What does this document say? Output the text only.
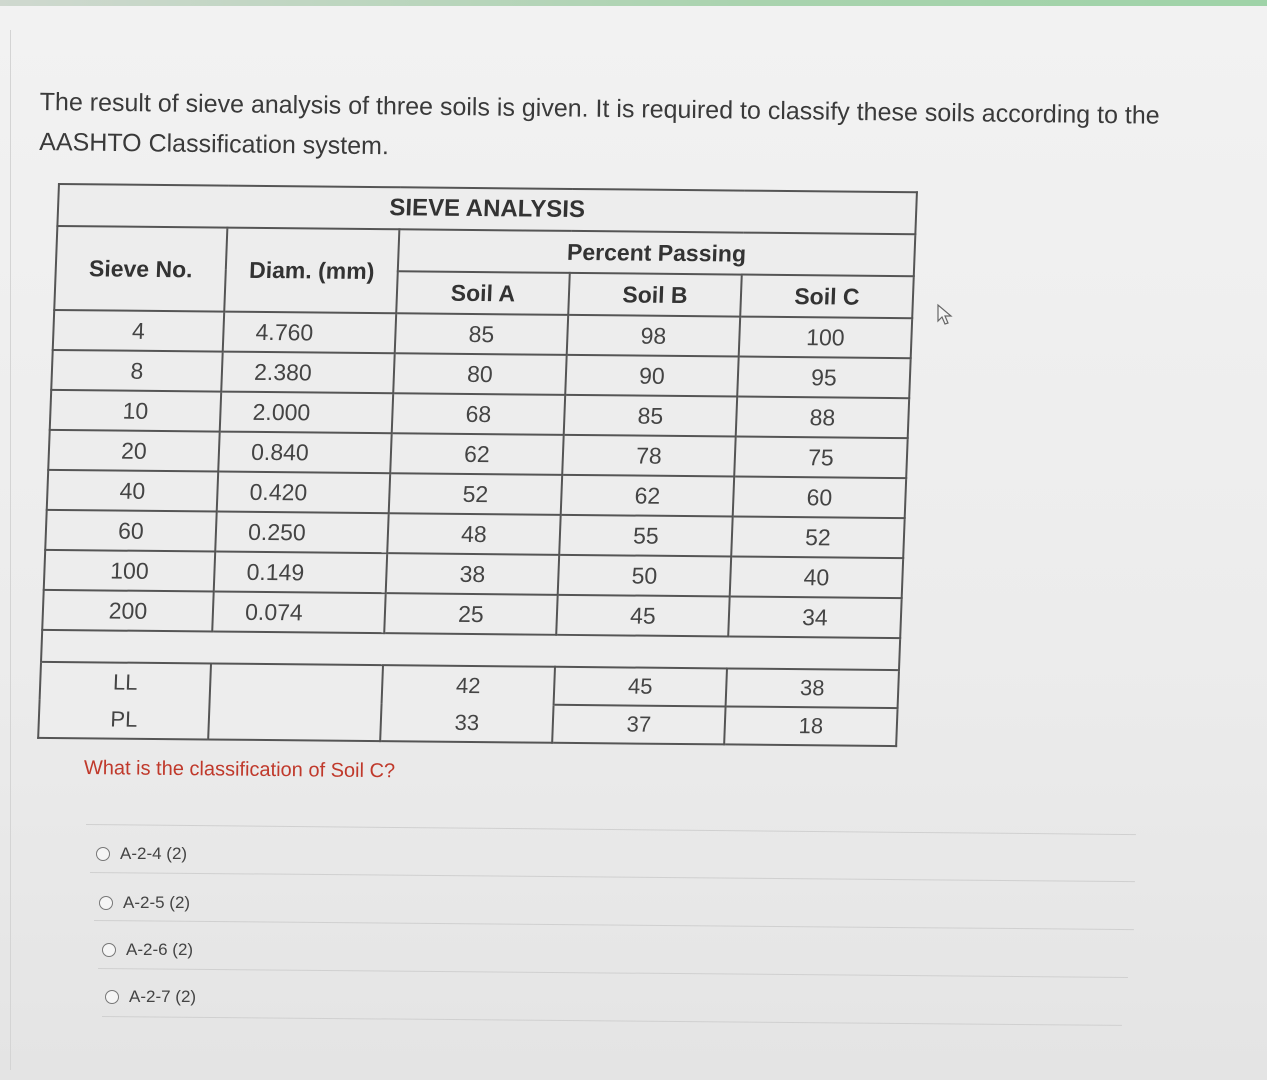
The result of sieve analysis of three soils is given. It is required to classify these soils according to the AASHTO Classification system.
SIEVE ANALYSIS				
Sieve No.	Diam. (mm)	Percent Passing		
		Soil A	Soil B	Soil C
4	4.760	85	98	100
8	2.380	80	90	95
10	2.000	68	85	88
20	0.840	62	78	75
40	0.420	52	62	60
60	0.250	48	55	52
100	0.149	38	50	40
200	0.074	25	45	34

LL		42	45	38
PL		33	37	18
What is the classification of Soil C?
A-2-4 (2)
A-2-5 (2)
A-2-6 (2)
A-2-7 (2)
